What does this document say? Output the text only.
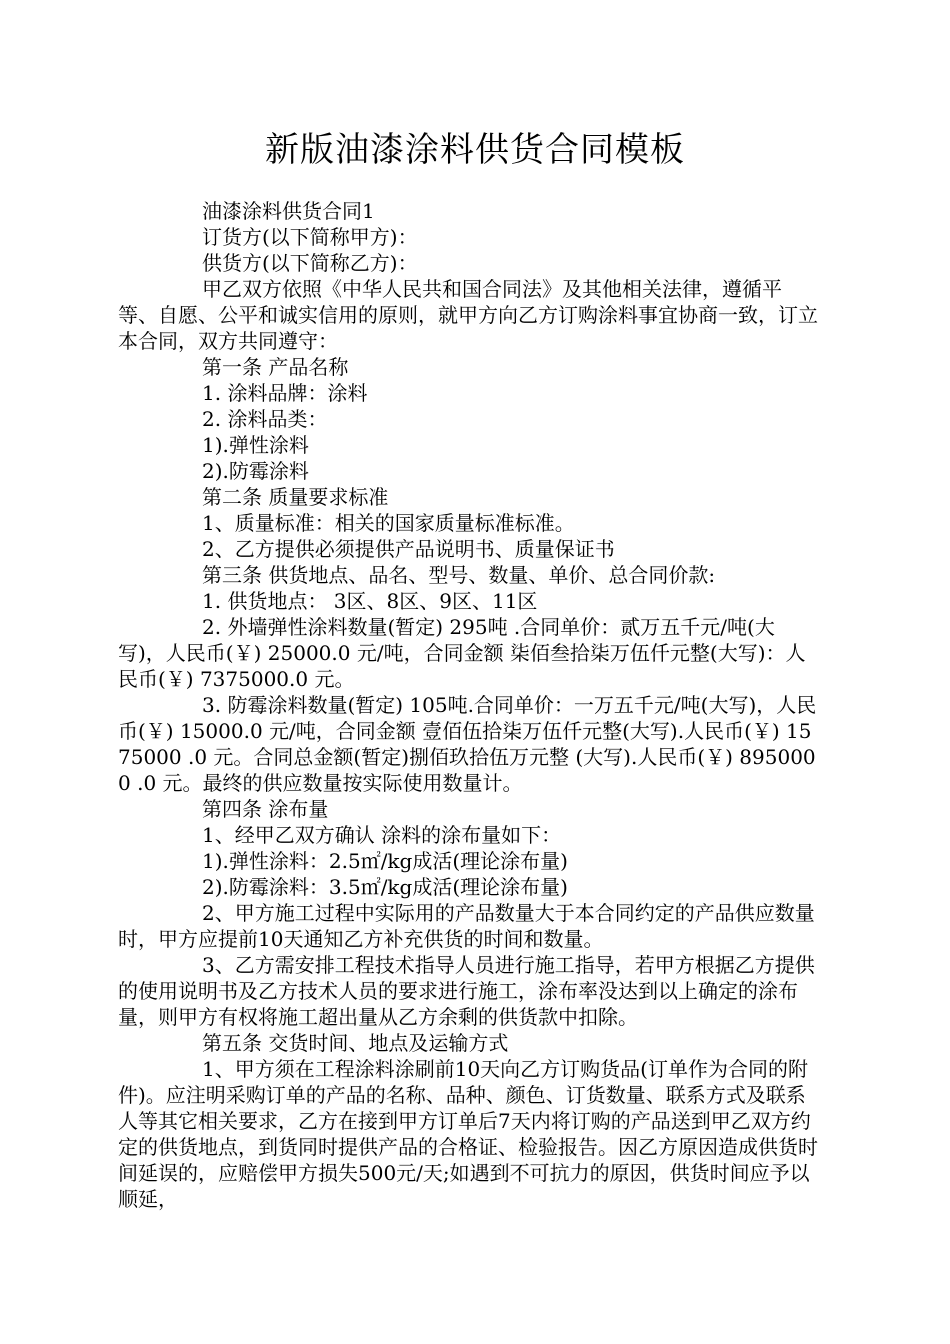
新版油漆涂料供货合同模板

油漆涂料供货合同1

订货方(以下简称甲方)：

供货方(以下简称乙方)：

甲乙双方依照《中华人民共和国合同法》及其他相关法律，遵循平等、自愿、公平和诚实信用的原则，就甲方向乙方订购涂料事宜协商一致，订立本合同，双方共同遵守：

第一条 产品名称

1. 涂料品牌：涂料

2. 涂料品类：

1).弹性涂料

2).防霉涂料

第二条 质量要求标准

1、质量标准：相关的国家质量标准标准。

2、乙方提供必须提供产品说明书、质量保证书

第三条 供货地点、品名、型号、数量、单价、总合同价款:

1. 供货地点： 3区、8区、9区、11区

2. 外墙弹性涂料数量(暂定) 295吨 .合同单价：贰万五千元/吨(大写)，人民币(￥) 25000.0 元/吨，合同金额 柒佰叁拾柒万伍仟元整(大写)：人民币(￥) 7375000.0 元。

3. 防霉涂料数量(暂定) 105吨.合同单价：一万五千元/吨(大写)，人民币(￥) 15000.0 元/吨，合同金额 壹佰伍拾柒万伍仟元整(大写).人民币(￥) 1575000 .0 元。合同总金额(暂定)捌佰玖拾伍万元整 (大写).人民币(￥) 8950000 .0 元。最终的供应数量按实际使用数量计。

第四条 涂布量

1、经甲乙双方确认 涂料的涂布量如下：

1).弹性涂料：2.5㎡/kg成活(理论涂布量)

2).防霉涂料：3.5㎡/kg成活(理论涂布量)

2、甲方施工过程中实际用的产品数量大于本合同约定的产品供应数量时，甲方应提前10天通知乙方补充供货的时间和数量。

3、乙方需安排工程技术指导人员进行施工指导，若甲方根据乙方提供的使用说明书及乙方技术人员的要求进行施工，涂布率没达到以上确定的涂布量，则甲方有权将施工超出量从乙方余剩的供货款中扣除。

第五条 交货时间、地点及运输方式

1、甲方须在工程涂料涂刷前10天向乙方订购货品(订单作为合同的附件)。应注明采购订单的产品的名称、品种、颜色、订货数量、联系方式及联系人等其它相关要求，乙方在接到甲方订单后7天内将订购的产品送到甲乙双方约定的供货地点，到货同时提供产品的合格证、检验报告。因乙方原因造成供货时间延误的，应赔偿甲方损失500元/天;如遇到不可抗力的原因，供货时间应予以顺延，
